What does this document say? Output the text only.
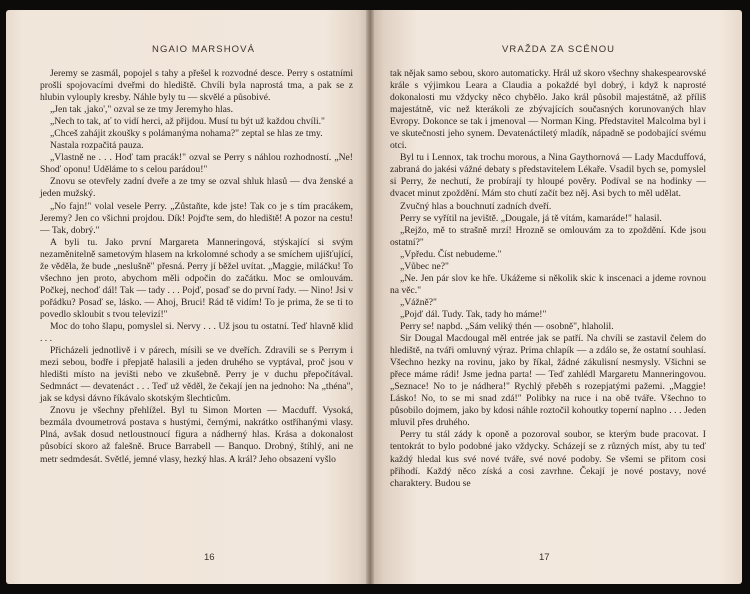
NGAIO MARSHOVÁ

Jeremy se zasmál, popojel s tahy a přešel k rozvodné desce. Perry s ostatními prošli spojovacími dveřmi do hlediště. Chvíli byla naprostá tma, a pak se z hlubin vylouply kresby. Náhle byly tu — skvělé a působivé.

„Jen tak ‚jako'," ozval se ze tmy Jeremyho hlas.

„Nech to tak, ať to vidí herci, až přijdou. Musí tu být už každou chvíli."

„Chceš zahájit zkoušky s polámanýma nohama?" zeptal se hlas ze tmy.

Nastala rozpačitá pauza.

„Vlastně ne . . . Hoď tam pracák!" ozval se Perry s náhlou rozhodností. „Ne! Shoď oponu! Uděláme to s celou parádou!"

Znovu se otevřely zadní dveře a ze tmy se ozval shluk hlasů — dva ženské a jeden mužský.

„No fajn!" volal vesele Perry. „Zůstaňte, kde jste! Tak co je s tím pracákem, Jeremy? Jen co všichni projdou. Dík! Pojďte sem, do hlediště! A pozor na cestu! — Tak, dobrý."

A byli tu. Jako první Margareta Manneringová, stýskající si svým nezaměnitelně sametovým hlasem na krkolomné schody a se smíchem ujišťující, že věděla, že bude „neslušně" přesná. Perry jí běžel uvítat. „Maggie, miláčku! To všechno jen proto, abychom měli odpočin do začátku. Moc se omlouvám. Počkej, nechoď dál! Tak — tady . . . Pojď, posaď se do první řady. — Nino! Jsi v pořádku? Posaď se, lásko. — Ahoj, Bruci! Rád tě vidím! To je prima, že se ti to povedlo skloubit s tvou televizí!"

Moc do toho šlapu, pomyslel si. Nervy . . . Už jsou tu ostatní. Teď hlavně klid . . .

Přicházeli jednotlivě i v párech, mísili se ve dveřích. Zdravili se s Perrym i mezi sebou, bodře i přepjatě halasili a jeden druhého se vyptával, proč jsou v hledišti místo na jevišti nebo ve zkušebně. Perry je v duchu přepočítával. Sedmnáct — devatenáct . . . Teď už věděl, že čekají jen na jednoho: Na „théna", jak se kdysi dávno říkávalo skotským šlechticům.

Znovu je všechny přehlížel. Byl tu Simon Morten — Macduff. Vysoká, bezmála dvoumetrová postava s hustými, černými, nakrátko ostříhanými vlasy. Plná, avšak dosud netloustnoucí figura a nádherný hlas. Krása a dokonalost působící skoro až falešně. Bruce Barrabell — Banquo. Drobný, štíhlý, ani ne metr sedmdesát. Světlé, jemné vlasy, hezký hlas. A král? Jeho obsazení vyšlo

16
VRAŽDA ZA SCÉNOU

tak nějak samo sebou, skoro automaticky. Hrál už skoro všechny shakespearovské krále s výjimkou Leara a Claudia a pokaždé byl dobrý, i když k naprosté dokonalosti mu vždycky něco chybělo. Jako král působil majestátně, až příliš majestátně, vic než kterákoli ze zbývajících současných korunovaných hlav Evropy. Dokonce se tak i jmenoval — Norman King. Představitel Malcolma byl i ve skutečnosti jeho synem. Devatenáctiletý mladík, nápadně se podobající svému otci.

Byl tu i Lennox, tak trochu morous, a Nina Gaythornová — Lady Macduffová, zabraná do jakési vážné debaty s představitelem Lékaře. Vsadil bych se, pomyslel si Perry, že nechutí, že probírají ty hloupé pověry. Podíval se na hodinky — dvacet minut zpoždění. Mám sto chutí začít bez něj. Asi bych to měl udělat.

Zvučný hlas a bouchnutí zadních dveří.

Perry se vyřítil na jeviště. „Dougale, já tě vítám, kamaráde!" halasil.

„Rejžo, mě to strašně mrzí! Hrozně se omlouvám za to zpoždění. Kde jsou ostatní?"

„Vpředu. Číst nebudeme."

„Vůbec ne?"

„Ne. Jen pár slov ke hře. Ukážeme si několik skic k inscenaci a jdeme rovnou na věc."

„Vážně?"

„Pojď dál. Tudy. Tak, tady ho máme!"

Perry se! napbd. „Sám veliký thén — osobně", hlaholil.

Sir Dougal Macdougal měl entrée jak se patří. Na chvíli se zastavil čelem do hlediště, na tváři omluvný výraz. Prima chlapík — a zdálo se, že ostatní souhlasí. Všechno hezky na rovinu, jako by říkal, žádné zákulisní nesmysly. Všichni se přece máme rádi! Jsme jedna parta! — Teď zahlédl Margaretu Manneringovou. „Seznace! No to je nádhera!" Rychlý přeběh s rozepjatými pažemi. „Maggie! Lásko! No, to se mi snad zdá!" Polibky na ruce i na obě tváře. Všechno to působilo dojmem, jako by kdosi náhle roztočil kohoutky toperní naplno . . . Jeden mluvil přes druhého.

Perry tu stál zády k oponě a pozoroval soubor, se kterým bude pracovat. I tentokrát to bylo podobné jako vždycky. Scházejí se z různých míst, aby tu teď každý hledal kus své nové tváře, své nové podoby. Se všemi se přitom cosi přihodí. Každý něco získá a cosi zavrhne. Čekají je nové postavy, nové charaktery. Budou se

17
